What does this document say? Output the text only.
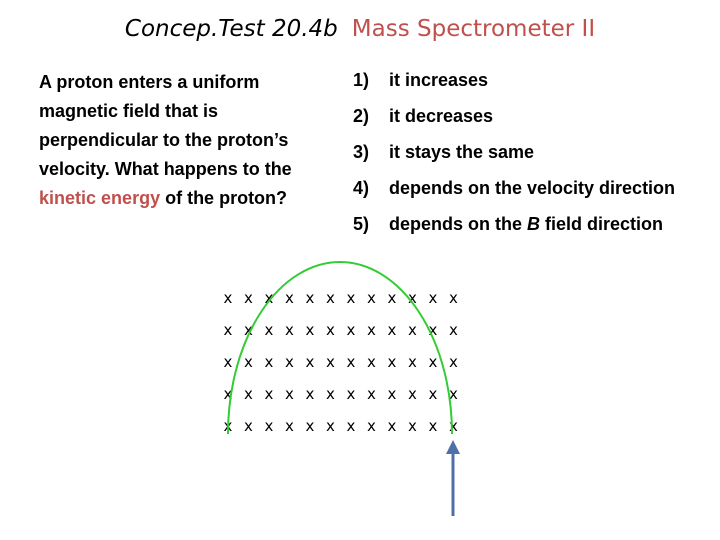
Concep.Test 20.4b Mass Spectrometer II
A proton enters a uniform magnetic field that is perpendicular to the proton’s velocity. What happens to the kinetic energy of the proton?
1) it increases
2) it decreases
3) it stays the same
4) depends on the velocity direction
5) depends on the B field direction
x x x x x x x x x x x x
x x x x x x x x x x x x
x x x x x x x x x x x x
x x x x x x x x x x x x
x x x x x x x x x x x x
